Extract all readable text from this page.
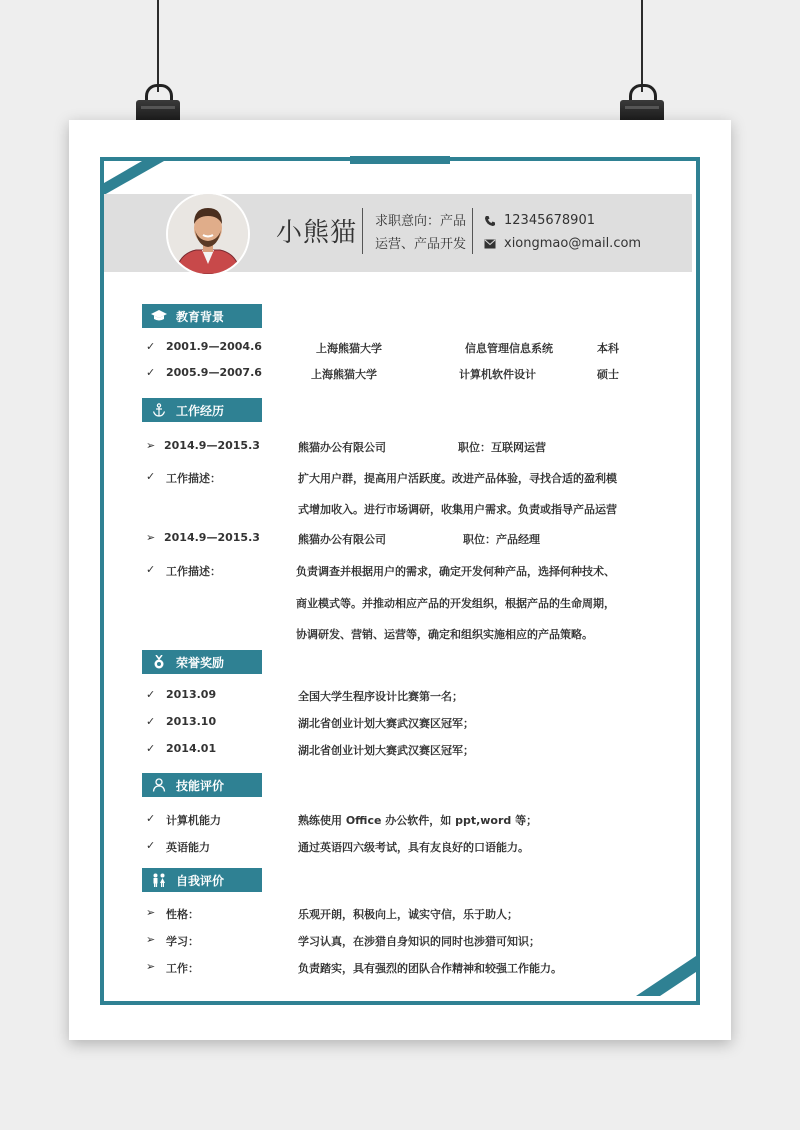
小熊猫 求职意向：产品
运营、产品开发
12345678901
xiongmao@mail.com
教育背景
✓ 2001.9—2004.6	上海熊猫大学	信息管理信息系统	本科
✓ 2005.9—2007.6	上海熊猫大学	计算机软件设计	硕士
工作经历
➢ 2014.9—2015.3	熊猫办公有限公司	职位：互联网运营
✓ 工作描述：	扩大用户群，提高用户活跃度。改进产品体验，寻找合适的盈利模
式增加收入。进行市场调研，收集用户需求。负责或指导产品运营
➢ 2014.9—2015.3	熊猫办公有限公司	职位：产品经理
✓ 工作描述：	负责调查并根据用户的需求，确定开发何种产品，选择何种技术、
商业模式等。并推动相应产品的开发组织，根据产品的生命周期，
协调研发、营销、运营等，确定和组织实施相应的产品策略。
荣誉奖励
✓ 2013.09	全国大学生程序设计比赛第一名；
✓ 2013.10	湖北省创业计划大赛武汉赛区冠军；
✓ 2014.01	湖北省创业计划大赛武汉赛区冠军；
技能评价
✓ 计算机能力	熟练使用 Office 办公软件，如 ppt,word 等；
✓ 英语能力	通过英语四六级考试，具有友良好的口语能力。
自我评价
➢ 性格：	乐观开朗，积极向上，诚实守信，乐于助人；
➢ 学习：	学习认真，在涉猎自身知识的同时也涉猎可知识；
➢ 工作：	负责踏实，具有强烈的团队合作精神和较强工作能力。
